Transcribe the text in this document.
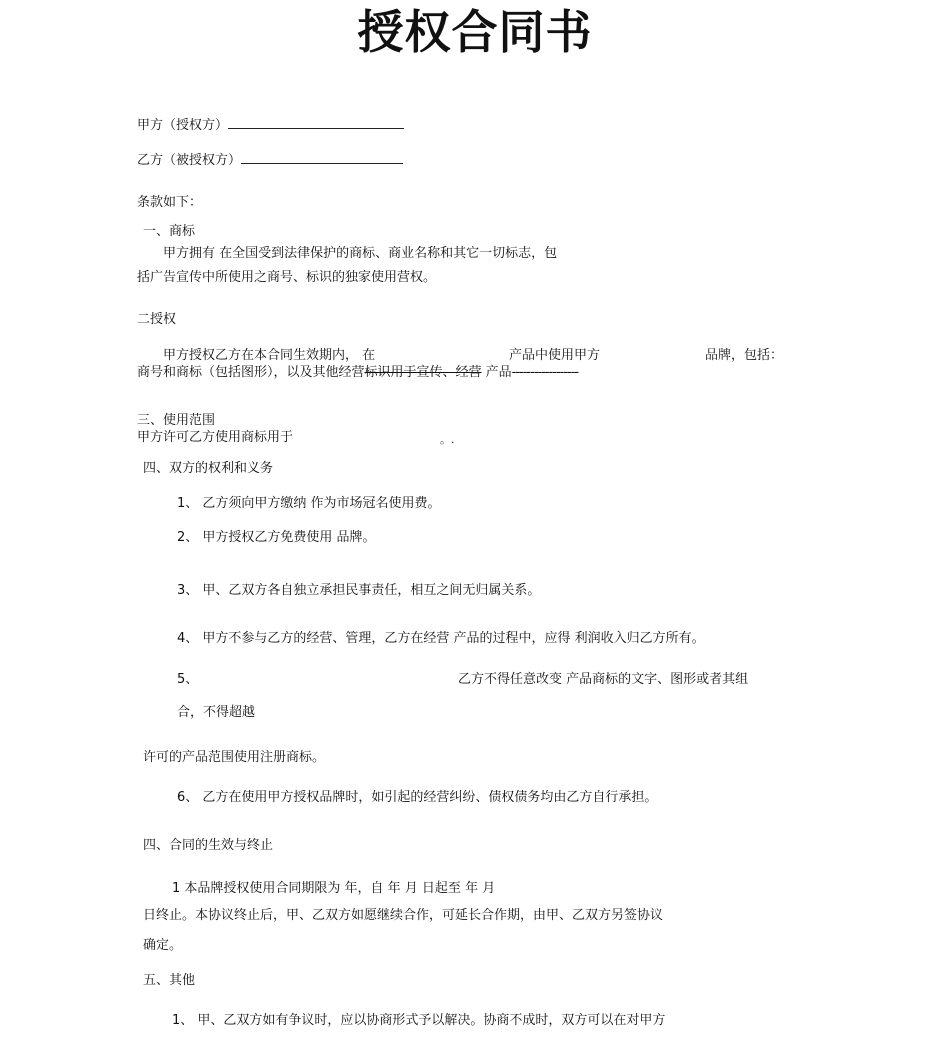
授权合同书
甲方（授权方）
乙方（被授权方）
条款如下：
一、商标
甲方拥有 在全国受到法律保护的商标、商业名称和其它一切标志，包
括广告宣传中所使用之商号、标识的独家使用营权。
二授权
甲方授权乙方在本合同生效期内， 在	产品中使用甲方	品牌，包括：
商号和商标（包括图形），以及其他经营标识用于宣传、经营 产品------------------
三、使用范围
甲方许可乙方使用商标用于	。.
四、双方的权利和义务
1、 乙方须向甲方缴纳 作为市场冠名使用费。
2、 甲方授权乙方免费使用 品牌。
3、 甲、乙双方各自独立承担民事责任，相互之间无归属关系。
4、 甲方不参与乙方的经营、管理，乙方在经营 产品的过程中，应得 利润收入归乙方所有。
5、	乙方不得任意改变 产品商标的文字、图形或者其组
合，不得超越
许可的产品范围使用注册商标。
6、 乙方在使用甲方授权品牌时，如引起的经营纠纷、债权债务均由乙方自行承担。
四、合同的生效与终止
1 本品牌授权使用合同期限为 年，自 年 月 日起至 年 月
日终止。本协议终止后，甲、乙双方如愿继续合作，可延长合作期，由甲、乙双方另签协议
确定。
五、其他
1、 甲、乙双方如有争议时，应以协商形式予以解决。协商不成时，双方可以在对甲方
